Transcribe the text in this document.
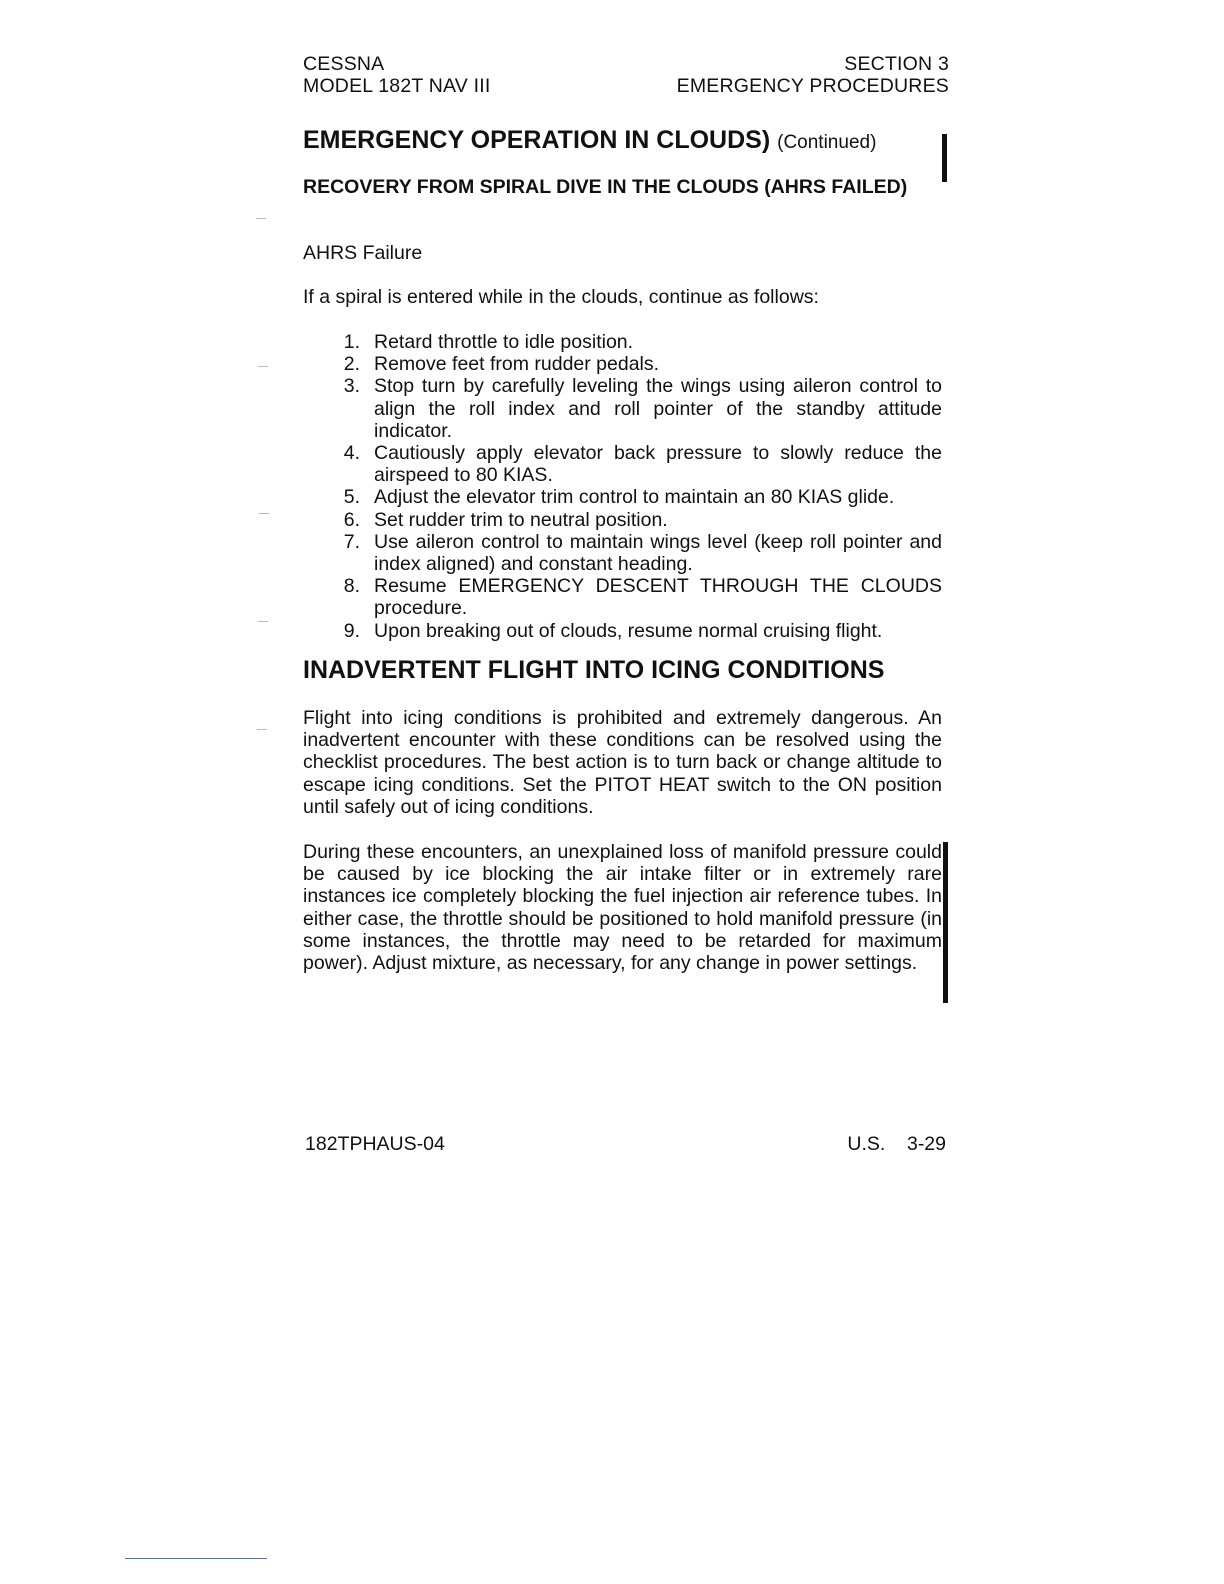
CESSNA
MODEL 182T NAV III
SECTION 3
EMERGENCY PROCEDURES
EMERGENCY OPERATION IN CLOUDS) (Continued)
RECOVERY FROM SPIRAL DIVE IN THE CLOUDS (AHRS FAILED)
AHRS Failure
If a spiral is entered while in the clouds, continue as follows:
1. Retard throttle to idle position.
2. Remove feet from rudder pedals.
3. Stop turn by carefully leveling the wings using aileron control to align the roll index and roll pointer of the standby attitude indicator.
4. Cautiously apply elevator back pressure to slowly reduce the airspeed to 80 KIAS.
5. Adjust the elevator trim control to maintain an 80 KIAS glide.
6. Set rudder trim to neutral position.
7. Use aileron control to maintain wings level (keep roll pointer and index aligned) and constant heading.
8. Resume EMERGENCY DESCENT THROUGH THE CLOUDS procedure.
9. Upon breaking out of clouds, resume normal cruising flight.
INADVERTENT FLIGHT INTO ICING CONDITIONS
Flight into icing conditions is prohibited and extremely dangerous. An inadvertent encounter with these conditions can be resolved using the checklist procedures. The best action is to turn back or change altitude to escape icing conditions. Set the PITOT HEAT switch to the ON position until safely out of icing conditions.
During these encounters, an unexplained loss of manifold pressure could be caused by ice blocking the air intake filter or in extremely rare instances ice completely blocking the fuel injection air reference tubes. In either case, the throttle should be positioned to hold manifold pressure (in some instances, the throttle may need to be retarded for maximum power). Adjust mixture, as necessary, for any change in power settings.
182TPHAUS-04	U.S. 3-29
